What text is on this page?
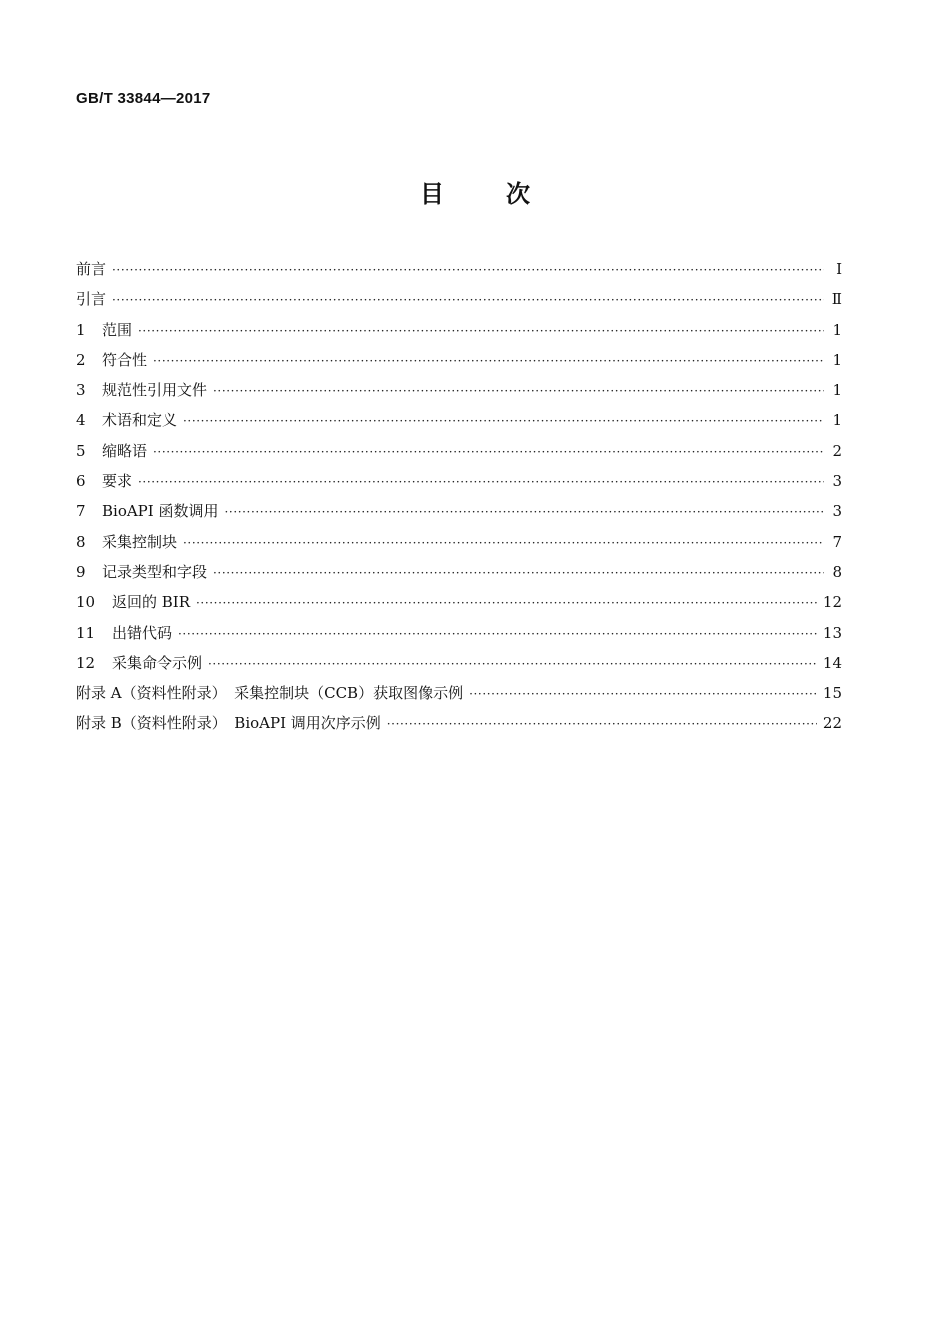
GB/T 33844—2017
目次
前言 ·····	Ⅰ
引言 ·····	Ⅱ
1	范围 ·····	1
2	符合性 ·····	1
3	规范性引用文件 ·····	1
4	术语和定义 ·····	1
5	缩略语 ·····	2
6	要求 ·····	3
7	BioAPI 函数调用 ·····	3
8	采集控制块 ·····	7
9	记录类型和字段 ·····	8
10	返回的 BIR ·····	12
11	出错代码 ·····	13
12	采集命令示例 ·····	14
附录 A（资料性附录）　采集控制块（CCB）获取图像示例 ·····	15
附录 B（资料性附录）　BioAPI 调用次序示例 ·····	22
